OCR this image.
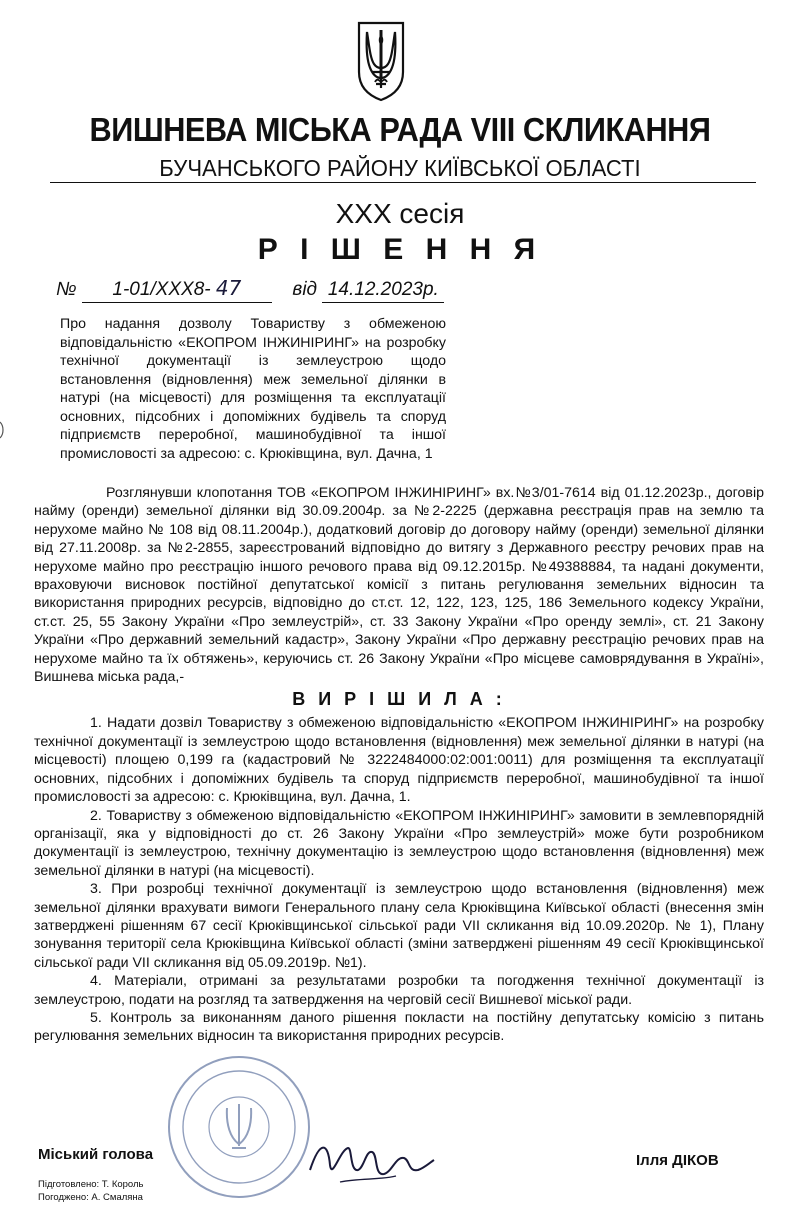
ВИШНЕВА МІСЬКА РАДА VIII СКЛИКАННЯ
БУЧАНСЬКОГО РАЙОНУ КИЇВСЬКОЇ ОБЛАСТІ
XXX сесія
Р І Ш Е Н Н Я
№ 1-01/XXX8- 47	від 14.12.2023р.
Про надання дозволу Товариству з обмеженою відповідальністю «ЕКОПРОМ ІНЖИНІРИНГ» на розробку технічної документації із землеустрою щодо встановлення (відновлення) меж земельної ділянки в натурі (на місцевості) для розміщення та експлуатації основних, підсобних і допоміжних будівель та споруд підприємств переробної, машинобудівної та іншої промисловості за адресою: с. Крюківщина, вул. Дачна, 1

Розглянувши клопотання ТОВ «ЕКОПРОМ ІНЖИНІРИНГ» вх.№3/01-7614 від 01.12.2023р., договір найму (оренди) земельної ділянки від 30.09.2004р. за №2-2225 (державна реєстрація прав на землю та нерухоме майно № 108 від 08.11.2004р.), додатковий договір до договору найму (оренди) земельної ділянки від 27.11.2008р. за №2-2855, зареєстрований відповідно до витягу з Державного реєстру речових прав на нерухоме майно про реєстрацію іншого речового права від 09.12.2015р. №49388884, та надані документи, враховуючи висновок постійної депутатської комісії з питань регулювання земельних відносин та використання природних ресурсів, відповідно до ст.ст. 12, 122, 123, 125, 186 Земельного кодексу України, ст.ст. 25, 55 Закону України «Про землеустрій», ст. 33 Закону України «Про оренду землі», ст. 21 Закону України «Про державний земельний кадастр», Закону України «Про державну реєстрацію речових прав на нерухоме майно та їх обтяжень», керуючись ст. 26 Закону України «Про місцеве самоврядування в Україні», Вишнева міська рада,-

В И Р І Ш И Л А :

1. Надати дозвіл Товариству з обмеженою відповідальністю «ЕКОПРОМ ІНЖИНІРИНГ» на розробку технічної документації із землеустрою щодо встановлення (відновлення) меж земельної ділянки в натурі (на місцевості) площею 0,199 га (кадастровий № 3222484000:02:001:0011) для розміщення та експлуатації основних, підсобних і допоміжних будівель та споруд підприємств переробної, машинобудівної та іншої промисловості за адресою: с. Крюківщина, вул. Дачна, 1.

2. Товариству з обмеженою відповідальністю «ЕКОПРОМ ІНЖИНІРИНГ» замовити в землевпорядній організації, яка у відповідності до ст. 26 Закону України «Про землеустрій» може бути розробником документації із землеустрою, технічну документацію із землеустрою щодо встановлення (відновлення) меж земельної ділянки в натурі (на місцевості).

3. При розробці технічної документації із землеустрою щодо встановлення (відновлення) меж земельної ділянки врахувати вимоги Генерального плану села Крюківщина Київської області (внесення змін затверджені рішенням 67 сесії Крюківщинської сільської ради VII скликання від 10.09.2020р. № 1), Плану зонування території села Крюківщина Київської області (зміни затверджені рішенням 49 сесії Крюківщинської сільської ради VII скликання від 05.09.2019р. №1).

4. Матеріали, отримані за результатами розробки та погодження технічної документації із землеустрою, подати на розгляд та затвердження на черговій сесії Вишневої міської ради.

5. Контроль за виконанням даного рішення покласти на постійну депутатську комісію з питань регулювання земельних відносин та використання природних ресурсів.

Міський голова	Ілля ДІКОВ
Підготовлено: Т. Король
Погоджено: А. Смаляна
